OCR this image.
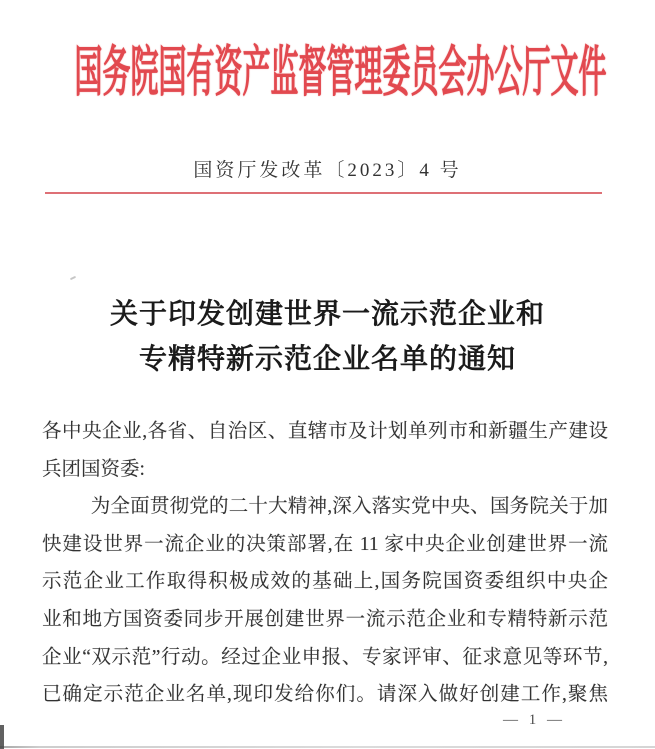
国务院国有资产监督管理委员会办公厅文件
国资厅发改革〔2023〕4 号
关于印发创建世界一流示范企业和
专精特新示范企业名单的通知
各中央企业,各省、自治区、直辖市及计划单列市和新疆生产建设
兵团国资委:
为全面贯彻党的二十大精神,深入落实党中央、国务院关于加
快建设世界一流企业的决策部署,在 11 家中央企业创建世界一流
示范企业工作取得积极成效的基础上,国务院国资委组织中央企
业和地方国资委同步开展创建世界一流示范企业和专精特新示范
企业“双示范”行动。经过企业申报、专家评审、征求意见等环节,
已确定示范企业名单,现印发给你们。请深入做好创建工作,聚焦
— 1 —
